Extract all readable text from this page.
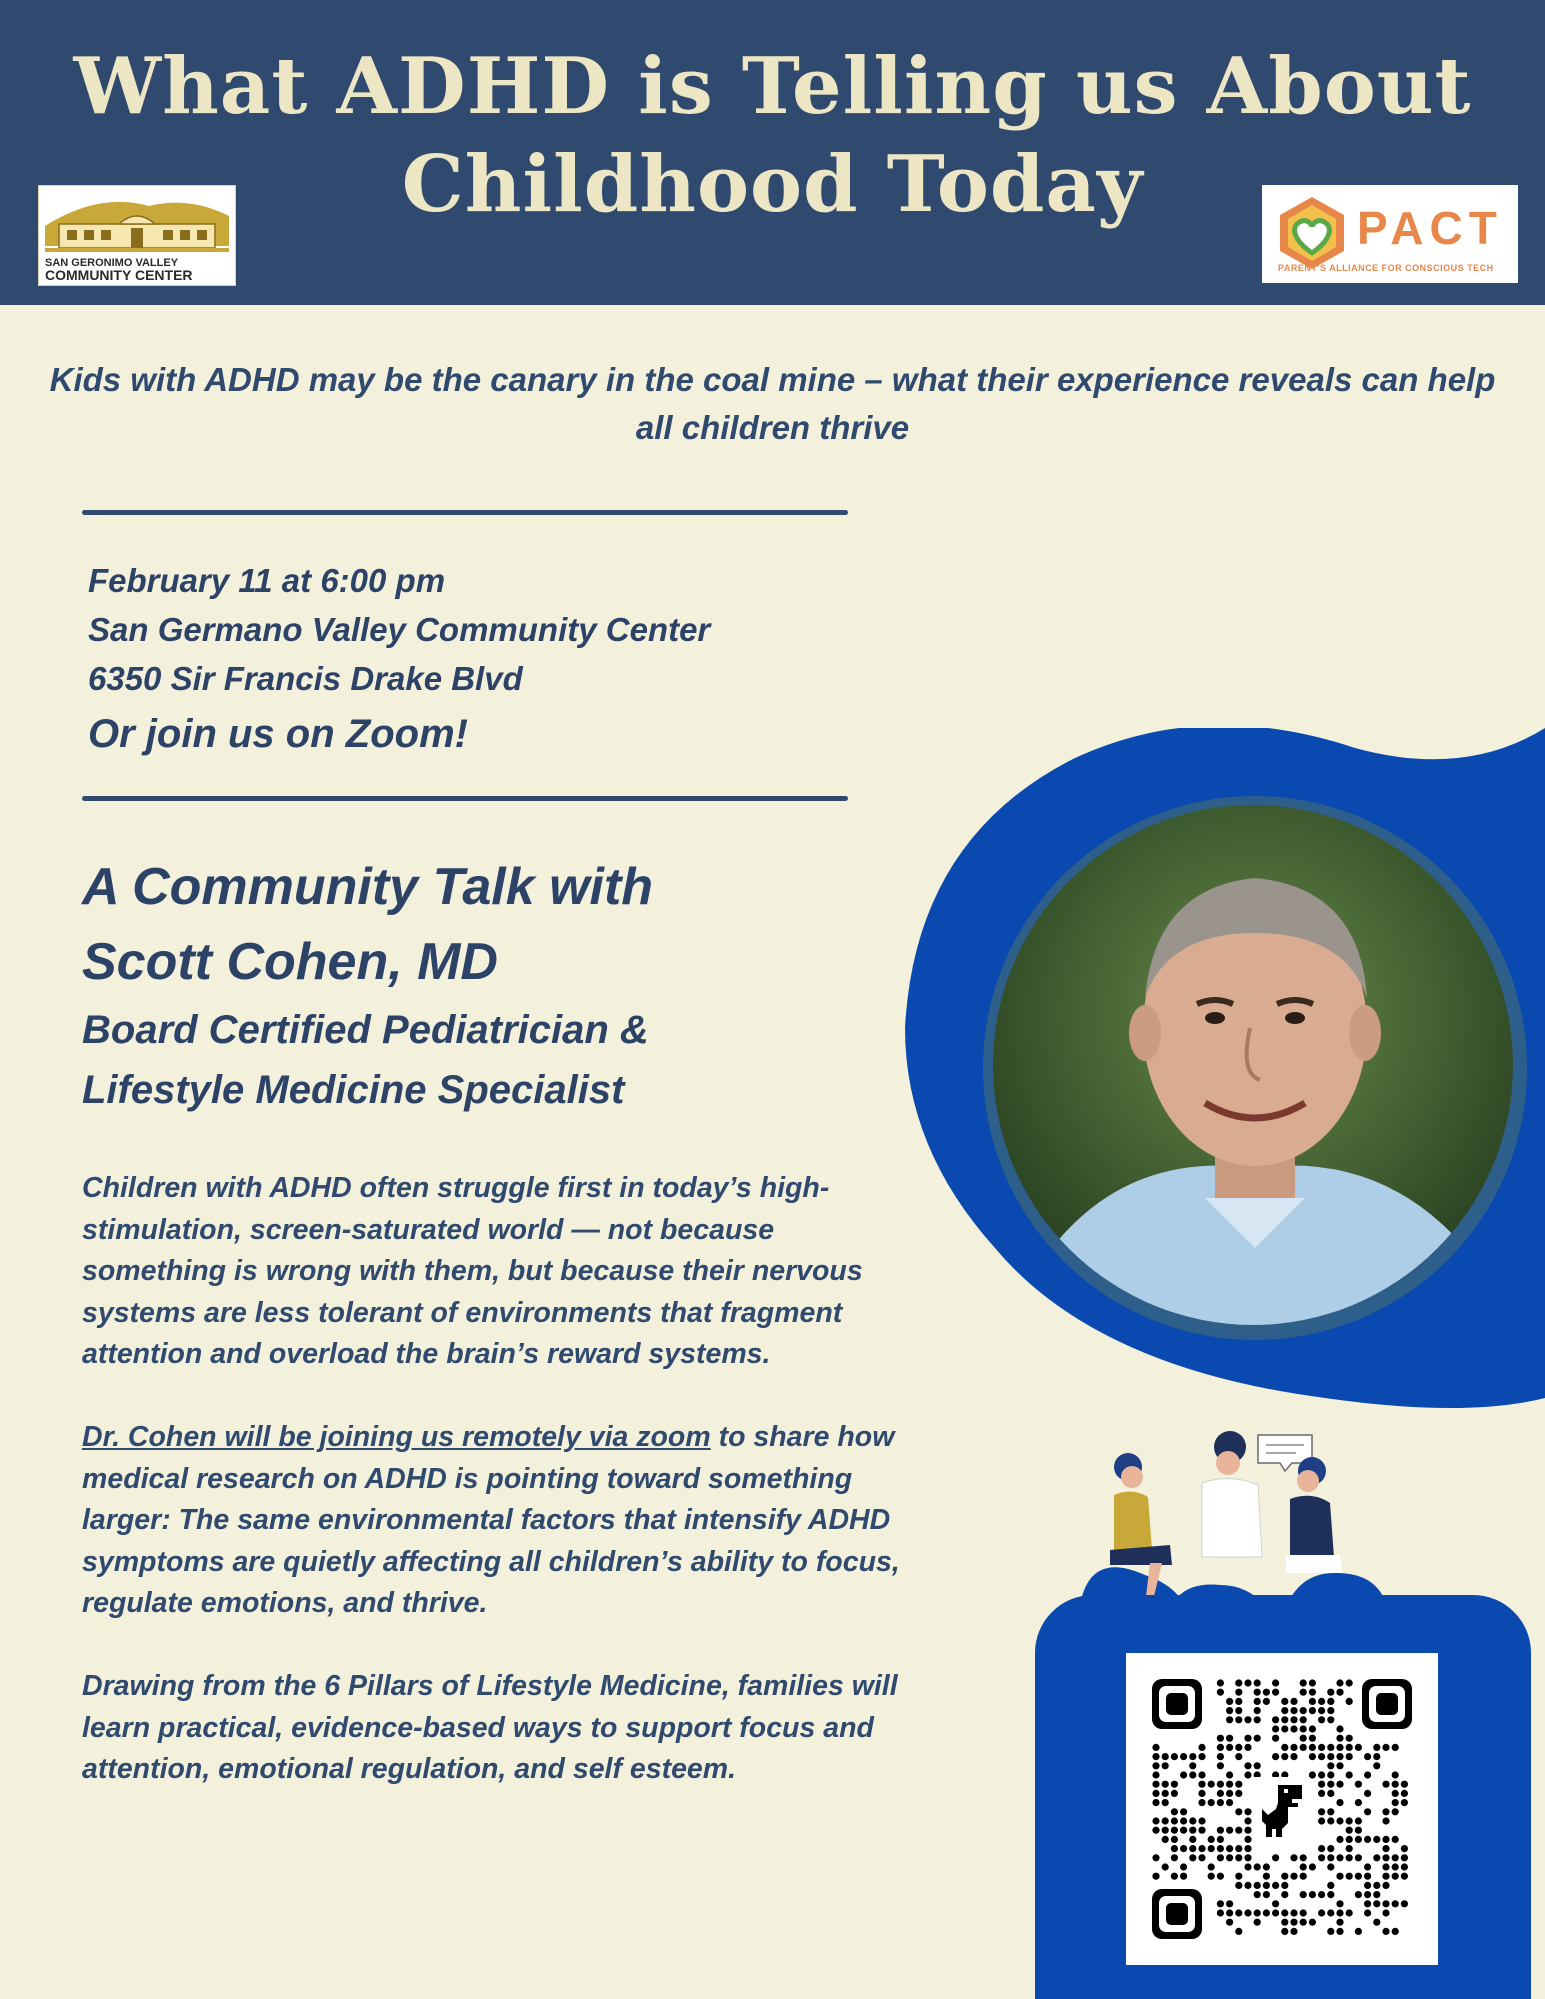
What ADHD is Telling us About
Childhood Today
SAN GERONIMO VALLEY
COMMUNITY CENTER
PACT
PARENT'S ALLIANCE FOR CONSCIOUS TECH
Kids with ADHD may be the canary in the coal mine – what their experience reveals can help all children thrive
February 11 at 6:00 pm
San Germano Valley Community Center
6350 Sir Francis Drake Blvd
Or join us on Zoom!
A Community Talk with
Scott Cohen, MD
Board Certified Pediatrician &
Lifestyle Medicine Specialist

Children with ADHD often struggle first in today’s high-stimulation, screen-saturated world — not because something is wrong with them, but because their nervous systems are less tolerant of environments that fragment attention and overload the brain’s reward systems.

Dr. Cohen will be joining us remotely via zoom to share how medical research on ADHD is pointing toward something larger: The same environmental factors that intensify ADHD symptoms are quietly affecting all children’s ability to focus, regulate emotions, and thrive.

Drawing from the 6 Pillars of Lifestyle Medicine, families will learn practical, evidence-based ways to support focus and attention, emotional regulation, and self esteem.
